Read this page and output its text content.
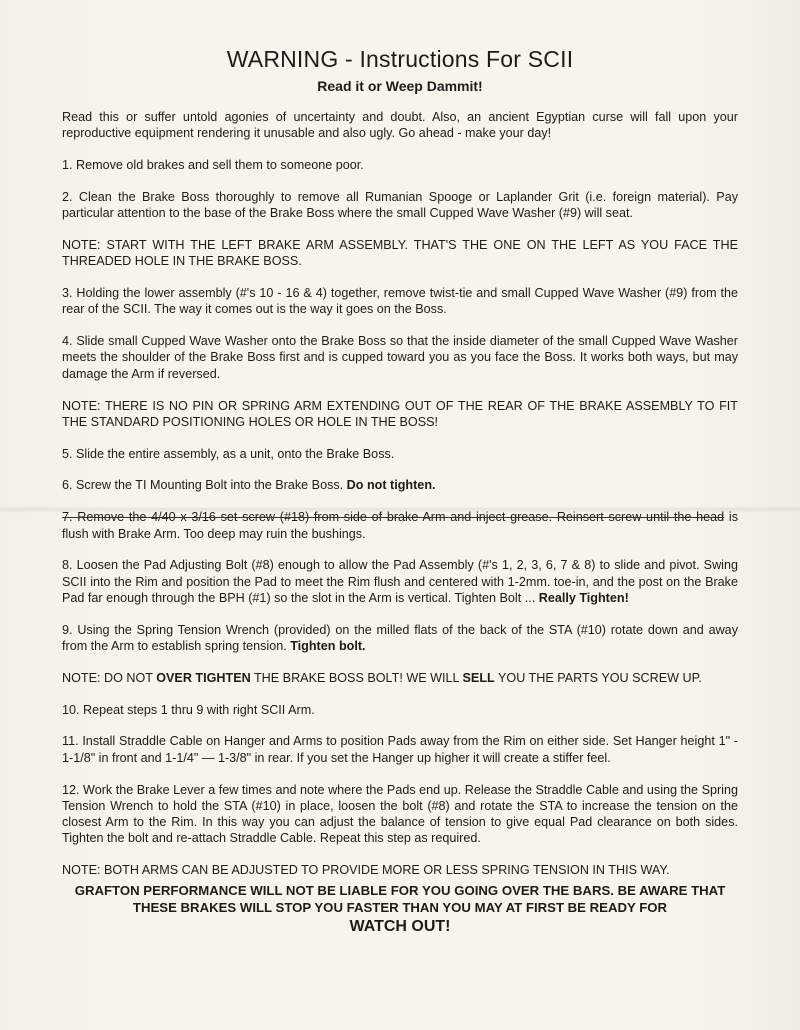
WARNING - Instructions For SCII
Read it or Weep Dammit!

Read this or suffer untold agonies of uncertainty and doubt. Also, an ancient Egyptian curse will fall upon your reproductive equipment rendering it unusable and also ugly. Go ahead - make your day!

1. Remove old brakes and sell them to someone poor.

2. Clean the Brake Boss thoroughly to remove all Rumanian Spooge or Laplander Grit (i.e. foreign material). Pay particular attention to the base of the Brake Boss where the small Cupped Wave Washer (#9) will seat.

NOTE: START WITH THE LEFT BRAKE ARM ASSEMBLY. THAT'S THE ONE ON THE LEFT AS YOU FACE THE THREADED HOLE IN THE BRAKE BOSS.

3. Holding the lower assembly (#'s 10 - 16 & 4) together, remove twist-tie and small Cupped Wave Washer (#9) from the rear of the SCII. The way it comes out is the way it goes on the Boss.

4. Slide small Cupped Wave Washer onto the Brake Boss so that the inside diameter of the small Cupped Wave Washer meets the shoulder of the Brake Boss first and is cupped toward you as you face the Boss. It works both ways, but may damage the Arm if reversed.

NOTE: THERE IS NO PIN OR SPRING ARM EXTENDING OUT OF THE REAR OF THE BRAKE ASSEMBLY TO FIT THE STANDARD POSITIONING HOLES OR HOLE IN THE BOSS!

5. Slide the entire assembly, as a unit, onto the Brake Boss.

6. Screw the TI Mounting Bolt into the Brake Boss. Do not tighten.

7. Remove the 4/40 x 3/16 set screw (#18) from side of brake Arm and inject grease. Reinsert screw until the head is flush with Brake Arm. Too deep may ruin the bushings.

8. Loosen the Pad Adjusting Bolt (#8) enough to allow the Pad Assembly (#'s 1, 2, 3, 6, 7 & 8) to slide and pivot. Swing SCII into the Rim and position the Pad to meet the Rim flush and centered with 1-2mm. toe-in, and the post on the Brake Pad far enough through the BPH (#1) so the slot in the Arm is vertical. Tighten Bolt ... Really Tighten!

9. Using the Spring Tension Wrench (provided) on the milled flats of the back of the STA (#10) rotate down and away from the Arm to establish spring tension. Tighten bolt.

NOTE: DO NOT OVER TIGHTEN THE BRAKE BOSS BOLT! WE WILL SELL YOU THE PARTS YOU SCREW UP.

10. Repeat steps 1 thru 9 with right SCII Arm.

11. Install Straddle Cable on Hanger and Arms to position Pads away from the Rim on either side. Set Hanger height 1" - 1-1/8" in front and 1-1/4" — 1-3/8" in rear. If you set the Hanger up higher it will create a stiffer feel.

12. Work the Brake Lever a few times and note where the Pads end up. Release the Straddle Cable and using the Spring Tension Wrench to hold the STA (#10) in place, loosen the bolt (#8) and rotate the STA to increase the tension on the closest Arm to the Rim. In this way you can adjust the balance of tension to give equal Pad clearance on both sides. Tighten the bolt and re-attach Straddle Cable. Repeat this step as required.

NOTE: BOTH ARMS CAN BE ADJUSTED TO PROVIDE MORE OR LESS SPRING TENSION IN THIS WAY.

GRAFTON PERFORMANCE WILL NOT BE LIABLE FOR YOU GOING OVER THE BARS. BE AWARE THAT
THESE BRAKES WILL STOP YOU FASTER THAN YOU MAY AT FIRST BE READY FOR
WATCH OUT!
